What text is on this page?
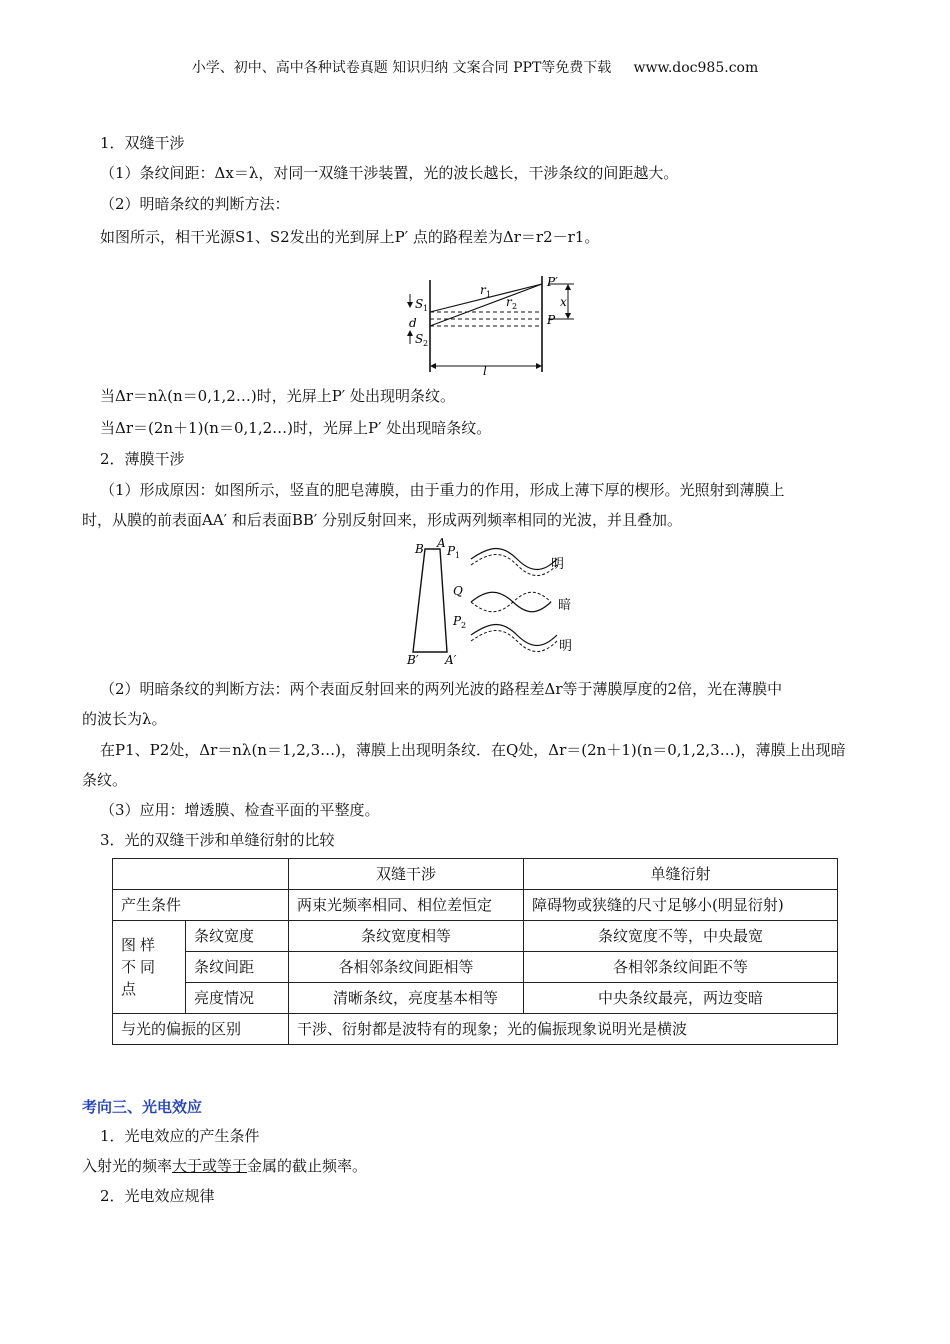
小学、初中、高中各种试卷真题 知识归纳 文案合同 PPT等免费下载 www.doc985.com
1．双缝干涉
（1）条纹间距：Δx＝λ，对同一双缝干涉装置，光的波长越长，干涉条纹的间距越大。
（2）明暗条纹的判断方法：
如图所示，相干光源S1、S2发出的光到屏上P′ 点的路程差为Δr＝r2－r1。
S 1
d
S 2
r 1
r 2
P′
P
x
l
当Δr＝nλ(n＝0,1,2…)时，光屏上P′ 处出现明条纹。
当Δr＝(2n＋1)(n＝0,1,2…)时，光屏上P′ 处出现暗条纹。
2．薄膜干涉
（1）形成原因：如图所示，竖直的肥皂薄膜，由于重力的作用，形成上薄下厚的楔形。光照射到薄膜上
时，从膜的前表面AA′ 和后表面BB′ 分别反射回来，形成两列频率相同的光波，并且叠加。
B A
P 1
Q
P 2
B′ A′
明
暗
明
（2）明暗条纹的判断方法：两个表面反射回来的两列光波的路程差Δr等于薄膜厚度的2倍，光在薄膜中
的波长为λ。
在P1、P2处，Δr＝nλ(n＝1,2,3…)，薄膜上出现明条纹．在Q处，Δr＝(2n＋1)(n＝0,1,2,3…)，薄膜上出现暗
条纹。
（3）应用：增透膜、检查平面的平整度。
3．光的双缝干涉和单缝衍射的比较
		双缝干涉	单缝衍射
产生条件		两束光频率相同、相位差恒定	障碍物或狭缝的尺寸足够小(明显衍射)
图样不同点	条纹宽度	条纹宽度相等	条纹宽度不等，中央最宽
	条纹间距	各相邻条纹间距相等	各相邻条纹间距不等
	亮度情况	清晰条纹，亮度基本相等	中央条纹最亮，两边变暗
与光的偏振的区别		干涉、衍射都是波特有的现象；光的偏振现象说明光是横波	
考向三、光电效应
1．光电效应的产生条件
入射光的频率大于或等于金属的截止频率。
2．光电效应规律
